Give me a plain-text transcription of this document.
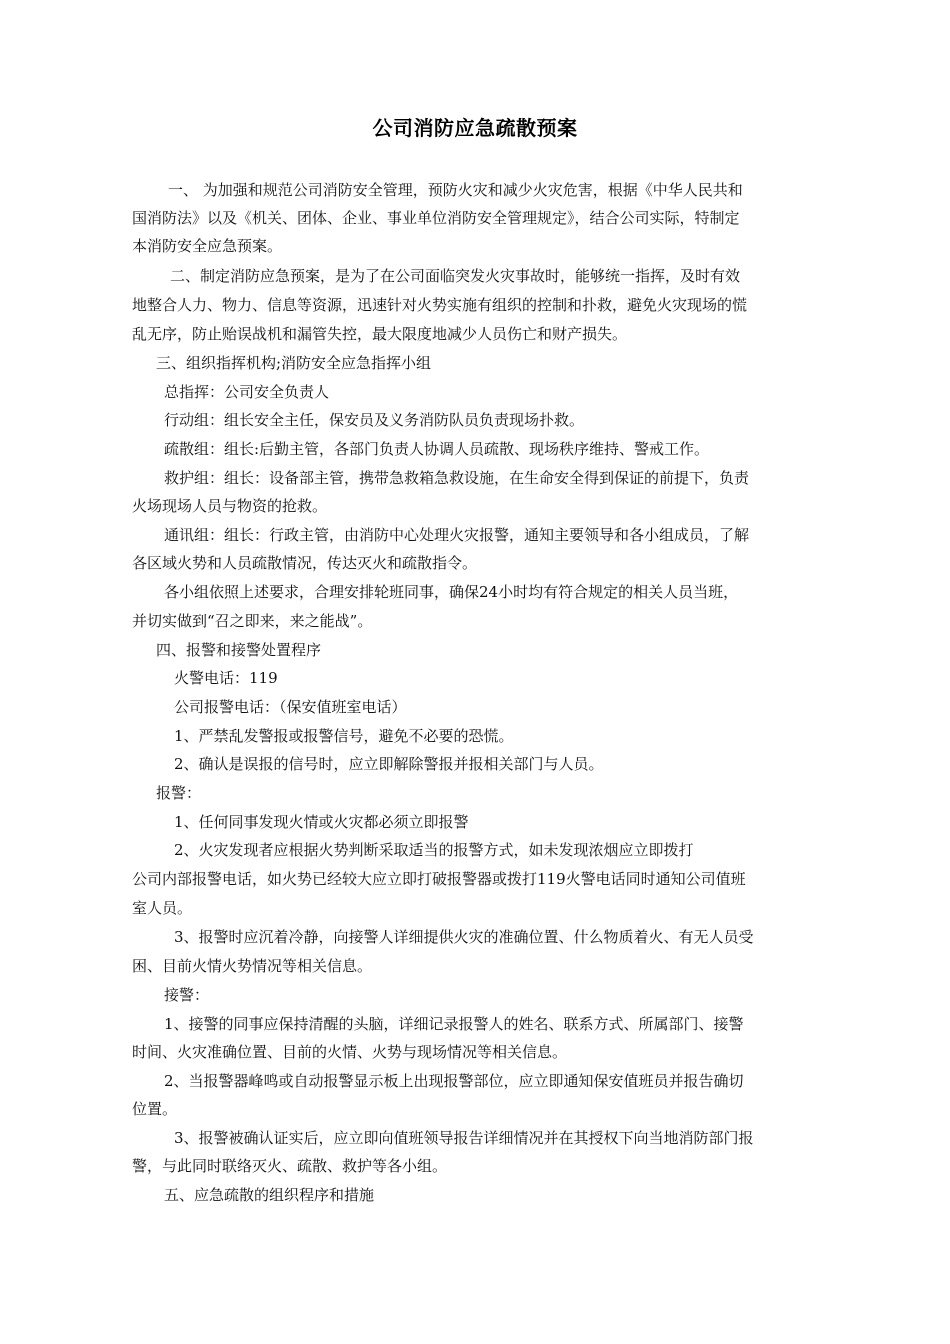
公司消防应急疏散预案

一、 为加强和规范公司消防安全管理，预防火灾和减少火灾危害，根据《中华人民共和

国消防法》以及《机关、团体、企业、事业单位消防安全管理规定》，结合公司实际，特制定

本消防安全应急预案。

二、制定消防应急预案，是为了在公司面临突发火灾事故时，能够统一指挥，及时有效

地整合人力、物力、信息等资源，迅速针对火势实施有组织的控制和扑救，避免火灾现场的慌

乱无序，防止贻误战机和漏管失控，最大限度地减少人员伤亡和财产损失。

三、组织指挥机构;消防安全应急指挥小组

总指挥：公司安全负责人

行动组：组长安全主任，保安员及义务消防队员负责现场扑救。

疏散组：组长:后勤主管，各部门负责人协调人员疏散、现场秩序维持、警戒工作。

救护组：组长：设备部主管，携带急救箱急救设施，在生命安全得到保证的前提下，负责

火场现场人员与物资的抢救。

通讯组：组长：行政主管，由消防中心处理火灾报警，通知主要领导和各小组成员，了解

各区域火势和人员疏散情况，传达灭火和疏散指令。

各小组依照上述要求，合理安排轮班同事，确保24小时均有符合规定的相关人员当班，

并切实做到“召之即来，来之能战”。

四、报警和接警处置程序

火警电话：119

公司报警电话：（保安值班室电话）

1、严禁乱发警报或报警信号，避免不必要的恐慌。

2、确认是误报的信号时，应立即解除警报并报相关部门与人员。

报警：

1、任何同事发现火情或火灾都必须立即报警

2、火灾发现者应根据火势判断采取适当的报警方式，如未发现浓烟应立即拨打

公司内部报警电话，如火势已经较大应立即打破报警器或拨打119火警电话同时通知公司值班

室人员。

3、报警时应沉着冷静，向接警人详细提供火灾的准确位置、什么物质着火、有无人员受

困、目前火情火势情况等相关信息。

接警：

1、接警的同事应保持清醒的头脑，详细记录报警人的姓名、联系方式、所属部门、接警

时间、火灾准确位置、目前的火情、火势与现场情况等相关信息。

2、当报警器峰鸣或自动报警显示板上出现报警部位，应立即通知保安值班员并报告确切

位置。

3、报警被确认证实后，应立即向值班领导报告详细情况并在其授权下向当地消防部门报

警，与此同时联络灭火、疏散、救护等各小组。

五、应急疏散的组织程序和措施
